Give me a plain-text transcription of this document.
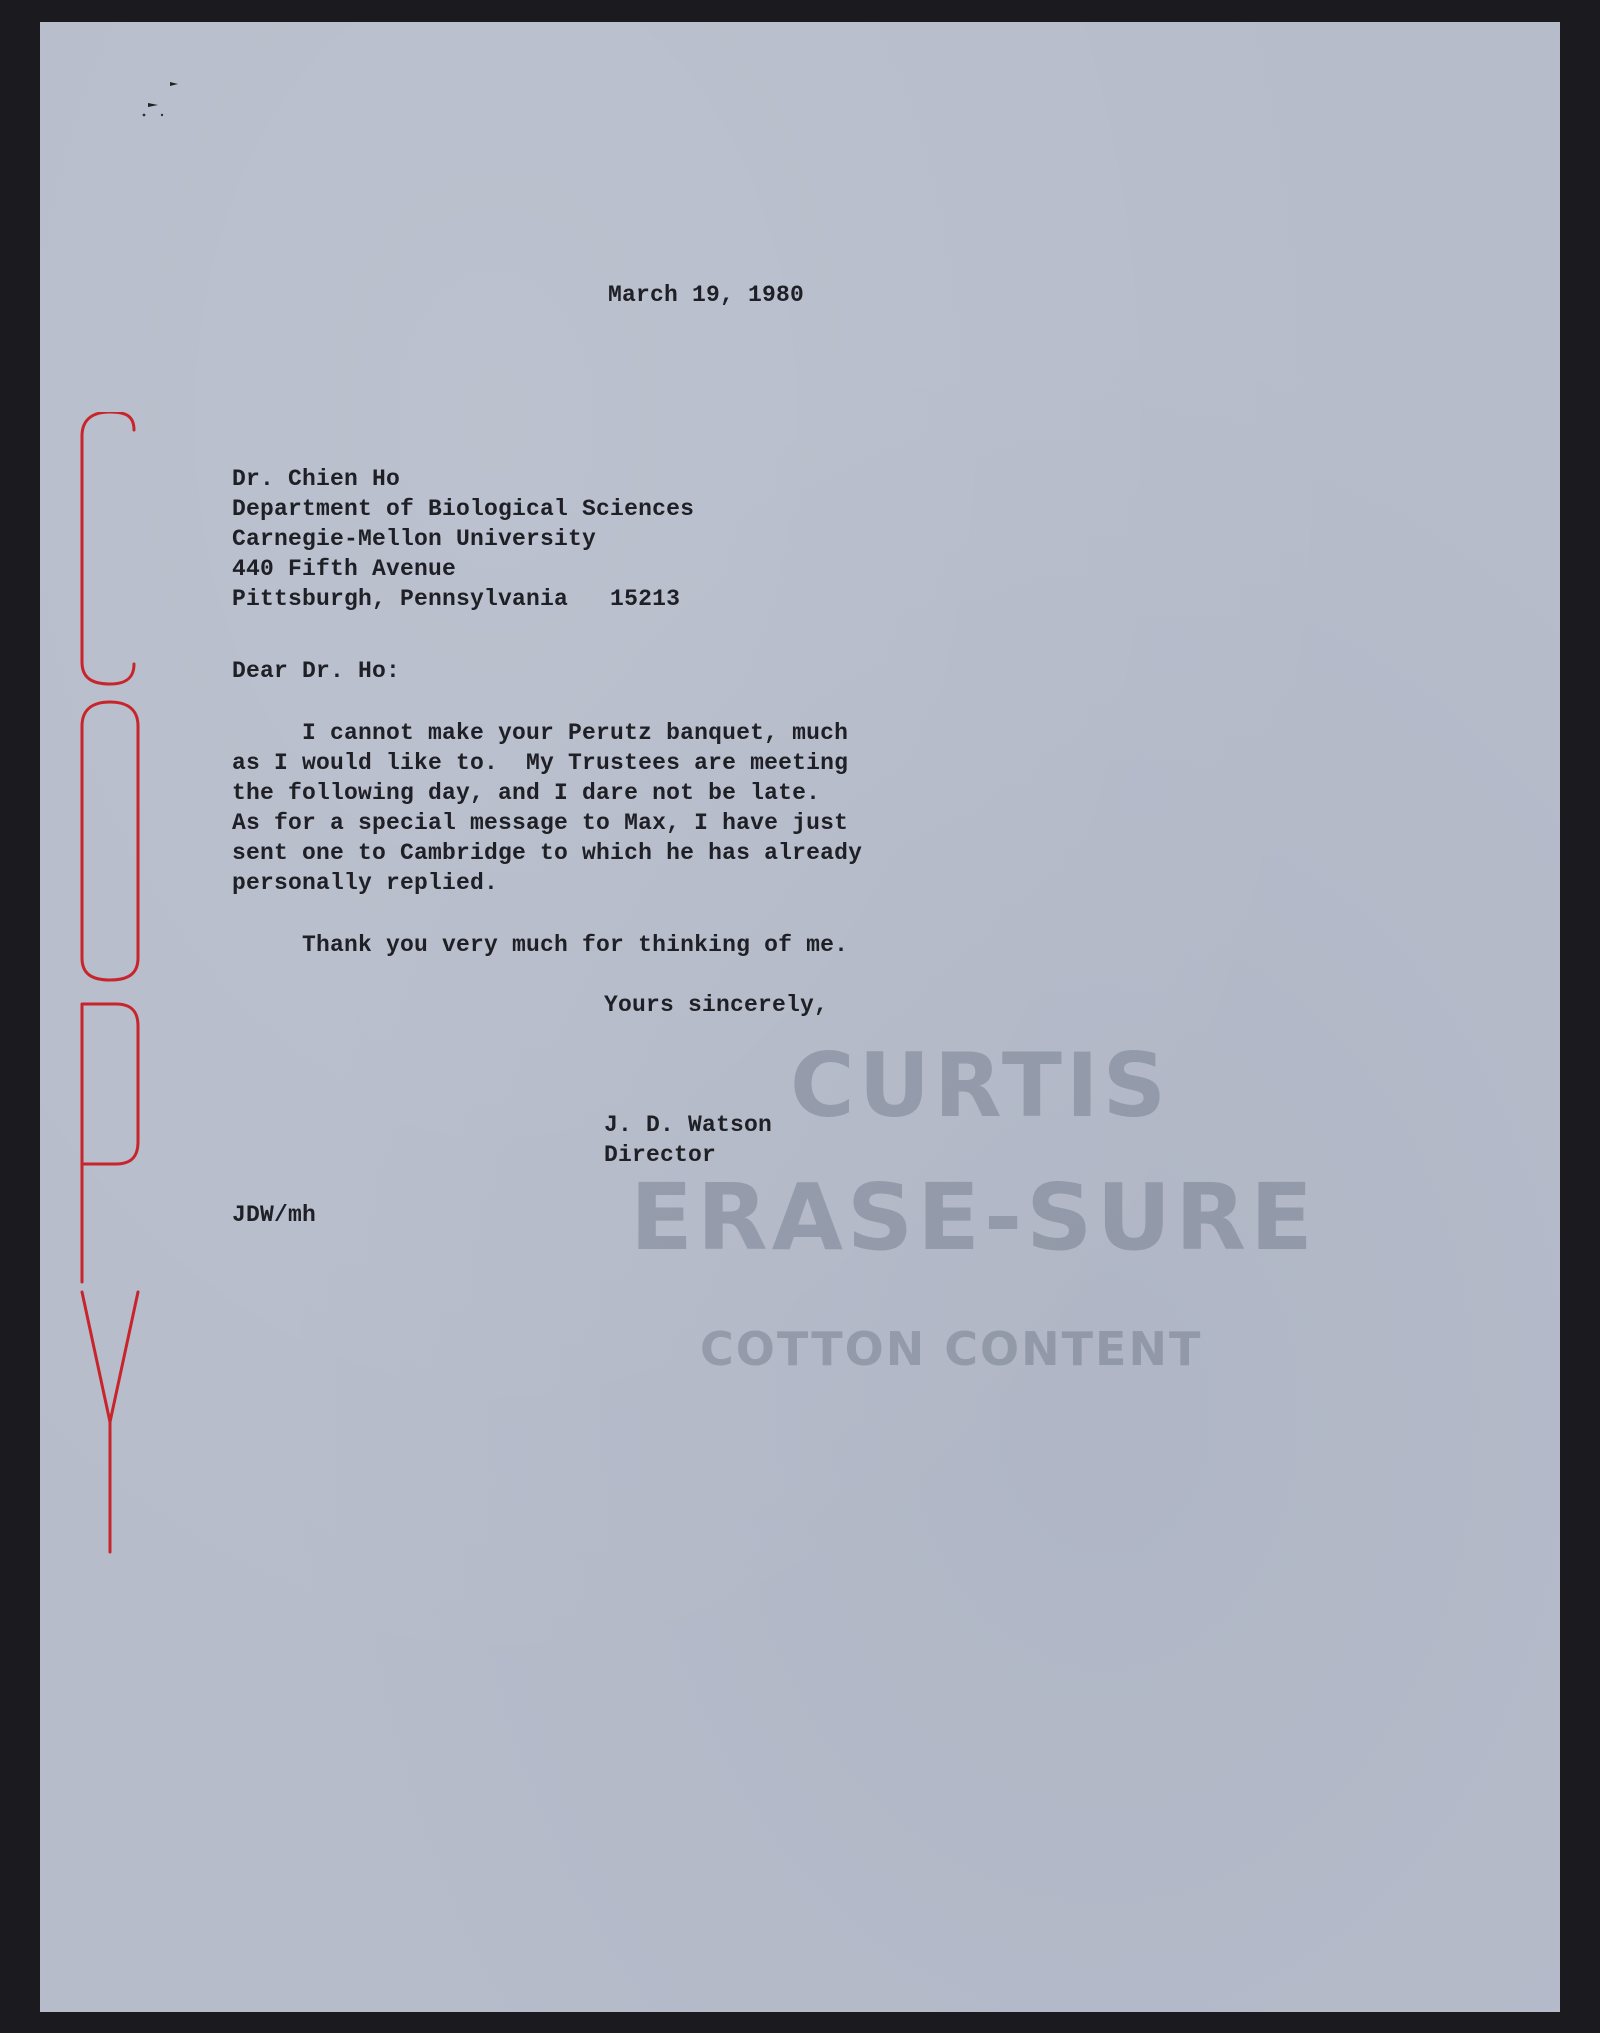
CURTIS
ERASE-SURE
COTTON CONTENT
March 19, 1980
Dr. Chien Ho
Department of Biological Sciences
Carnegie-Mellon University
440 Fifth Avenue
Pittsburgh, Pennsylvania   15213
Dear Dr. Ho:
I cannot make your Perutz banquet, much
as I would like to.  My Trustees are meeting
the following day, and I dare not be late.
As for a special message to Max, I have just
sent one to Cambridge to which he has already
personally replied.
Thank you very much for thinking of me.
Yours sincerely,
J. D. Watson
Director
JDW/mh
